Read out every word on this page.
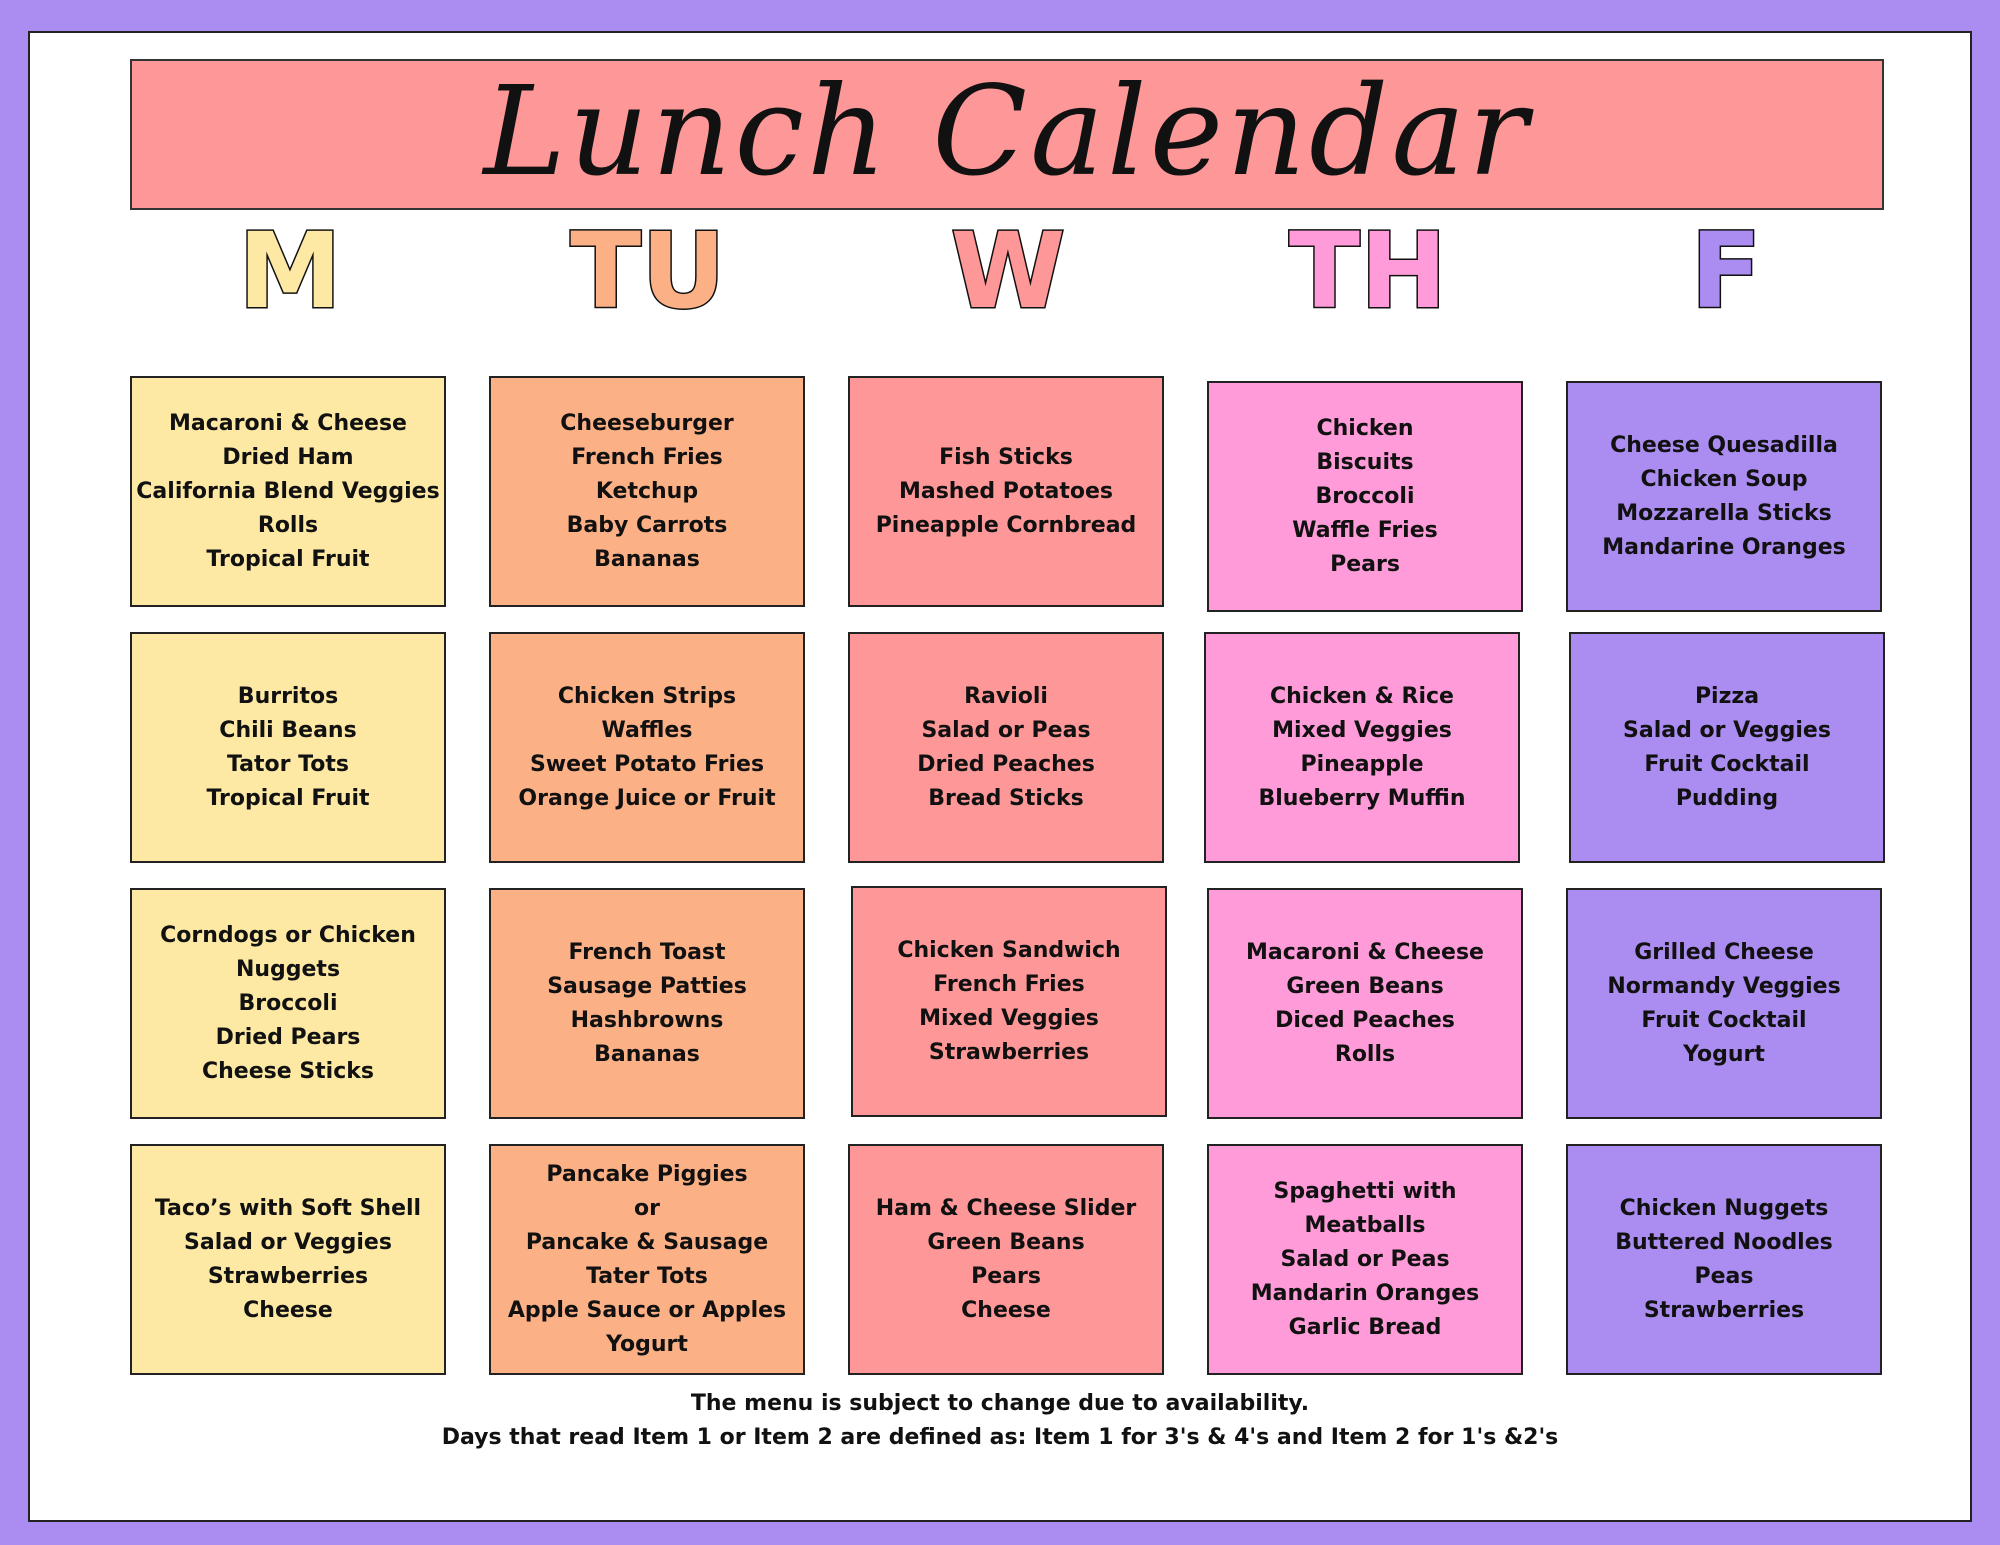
Lunch Calendar
M	TU	W	TH	F
Macaroni & Cheese
Dried Ham
California Blend Veggies
Rolls
Tropical Fruit
Cheeseburger
French Fries
Ketchup
Baby Carrots
Bananas
Fish Sticks
Mashed Potatoes
Pineapple Cornbread
Chicken
Biscuits
Broccoli
Waffle Fries
Pears
Cheese Quesadilla
Chicken Soup
Mozzarella Sticks
Mandarine Oranges
Burritos
Chili Beans
Tator Tots
Tropical Fruit
Chicken Strips
Waffles
Sweet Potato Fries
Orange Juice or Fruit
Ravioli
Salad or Peas
Dried Peaches
Bread Sticks
Chicken & Rice
Mixed Veggies
Pineapple
Blueberry Muffin
Pizza
Salad or Veggies
Fruit Cocktail
Pudding
Corndogs or Chicken
Nuggets
Broccoli
Dried Pears
Cheese Sticks
French Toast
Sausage Patties
Hashbrowns
Bananas
Chicken Sandwich
French Fries
Mixed Veggies
Strawberries
Macaroni & Cheese
Green Beans
Diced Peaches
Rolls
Grilled Cheese
Normandy Veggies
Fruit Cocktail
Yogurt
Taco’s with Soft Shell
Salad or Veggies
Strawberries
Cheese
Pancake Piggies
or
Pancake & Sausage
Tater Tots
Apple Sauce or Apples
Yogurt
Ham & Cheese Slider
Green Beans
Pears
Cheese
Spaghetti with Meatballs
Salad or Peas
Mandarin Oranges
Garlic Bread
Chicken Nuggets
Buttered Noodles
Peas
Strawberries
The menu is subject to change due to availability.
Days that read Item 1 or Item 2 are defined as: Item 1 for 3's & 4's and Item 2 for 1's &2's
